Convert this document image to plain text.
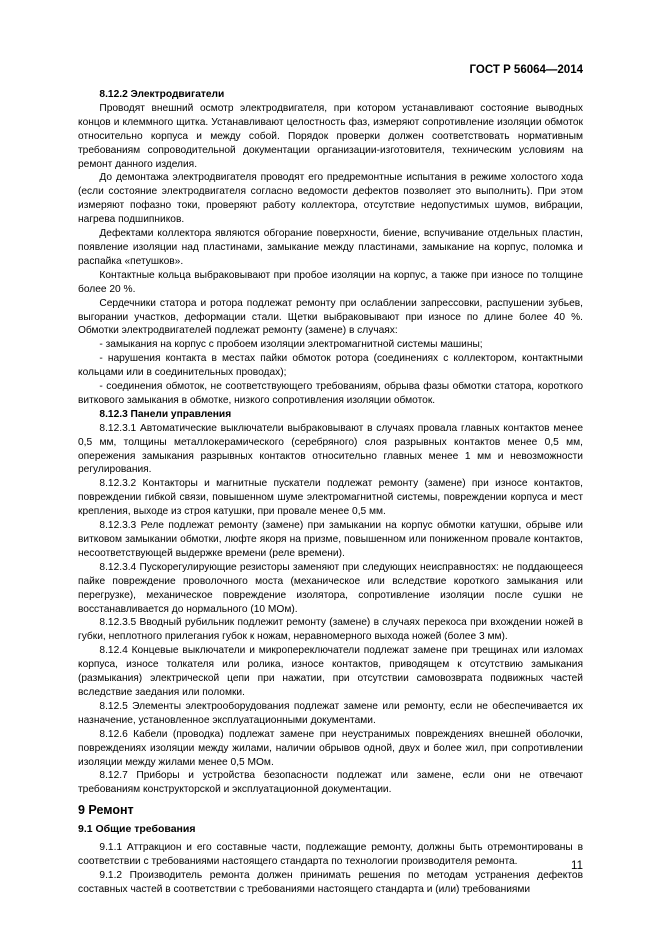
ГОСТ Р 56064—2014

8.12.2 Электродвигатели

Проводят внешний осмотр электродвигателя, при котором устанавливают состояние выводных концов и клеммного щитка. Устанавливают целостность фаз, измеряют сопротивление изоляции обмоток относительно корпуса и между собой. Порядок проверки должен соответствовать нормативным требованиям сопроводительной документации организации-изготовителя, техническим условиям на ремонт данного изделия.

До демонтажа электродвигателя проводят его предремонтные испытания в режиме холостого хода (если состояние электродвигателя согласно ведомости дефектов позволяет это выполнить). При этом измеряют пофазно токи, проверяют работу коллектора, отсутствие недопустимых шумов, вибрации, нагрева подшипников.

Дефектами коллектора являются обгорание поверхности, биение, вспучивание отдельных пластин, появление изоляции над пластинами, замыкание между пластинами, замыкание на корпус, поломка и распайка «петушков».

Контактные кольца выбраковывают при пробое изоляции на корпус, а также при износе по толщине более 20 %.

Сердечники статора и ротора подлежат ремонту при ослаблении запрессовки, распушении зубьев, выгорании участков, деформации стали. Щетки выбраковывают при износе по длине более 40 %. Обмотки электродвигателей подлежат ремонту (замене) в случаях:

- замыкания на корпус с пробоем изоляции электромагнитной системы машины;

- нарушения контакта в местах пайки обмоток ротора (соединениях с коллектором, контактными кольцами или в соединительных проводах);

- соединения обмоток, не соответствующего требованиям, обрыва фазы обмотки статора, короткого виткового замыкания в обмотке, низкого сопротивления изоляции обмоток.

8.12.3 Панели управления

8.12.3.1 Автоматические выключатели выбраковывают в случаях провала главных контактов менее 0,5 мм, толщины металлокерамического (серебряного) слоя разрывных контактов менее 0,5 мм, опережения замыкания разрывных контактов относительно главных менее 1 мм и невозможности регулирования.

8.12.3.2 Контакторы и магнитные пускатели подлежат ремонту (замене) при износе контактов, повреждении гибкой связи, повышенном шуме электромагнитной системы, повреждении корпуса и мест крепления, выходе из строя катушки, при провале менее 0,5 мм.

8.12.3.3 Реле подлежат ремонту (замене) при замыкании на корпус обмотки катушки, обрыве или витковом замыкании обмотки, люфте якоря на призме, повышенном или пониженном провале контактов, несоответствующей выдержке времени (реле времени).

8.12.3.4 Пускорегулирующие резисторы заменяют при следующих неисправностях: не поддающееся пайке повреждение проволочного моста (механическое или вследствие короткого замыкания или перегрузке), механическое повреждение изолятора, сопротивление изоляции после сушки не восстанавливается до нормального (10 МОм).

8.12.3.5 Вводный рубильник подлежит ремонту (замене) в случаях перекоса при вхождении ножей в губки, неплотного прилегания губок к ножам, неравномерного выхода ножей (более 3 мм).

8.12.4 Концевые выключатели и микропереключатели подлежат замене при трещинах или изломах корпуса, износе толкателя или ролика, износе контактов, приводящем к отсутствию замыкания (размыкания) электрической цепи при нажатии, при отсутствии самовозврата подвижных частей вследствие заедания или поломки.

8.12.5 Элементы электрооборудования подлежат замене или ремонту, если не обеспечивается их назначение, установленное эксплуатационными документами.

8.12.6 Кабели (проводка) подлежат замене при неустранимых повреждениях внешней оболочки, повреждениях изоляции между жилами, наличии обрывов одной, двух и более жил, при сопротивлении изоляции между жилами менее 0,5 МОм.

8.12.7 Приборы и устройства безопасности подлежат или замене, если они не отвечают требованиям конструкторской и эксплуатационной документации.

9 Ремонт
9.1 Общие требования

9.1.1 Аттракцион и его составные части, подлежащие ремонту, должны быть отремонтированы в соответствии с требованиями настоящего стандарта по технологии производителя ремонта.

9.1.2 Производитель ремонта должен принимать решения по методам устранения дефектов составных частей в соответствии с требованиями настоящего стандарта и (или) требованиями

11
